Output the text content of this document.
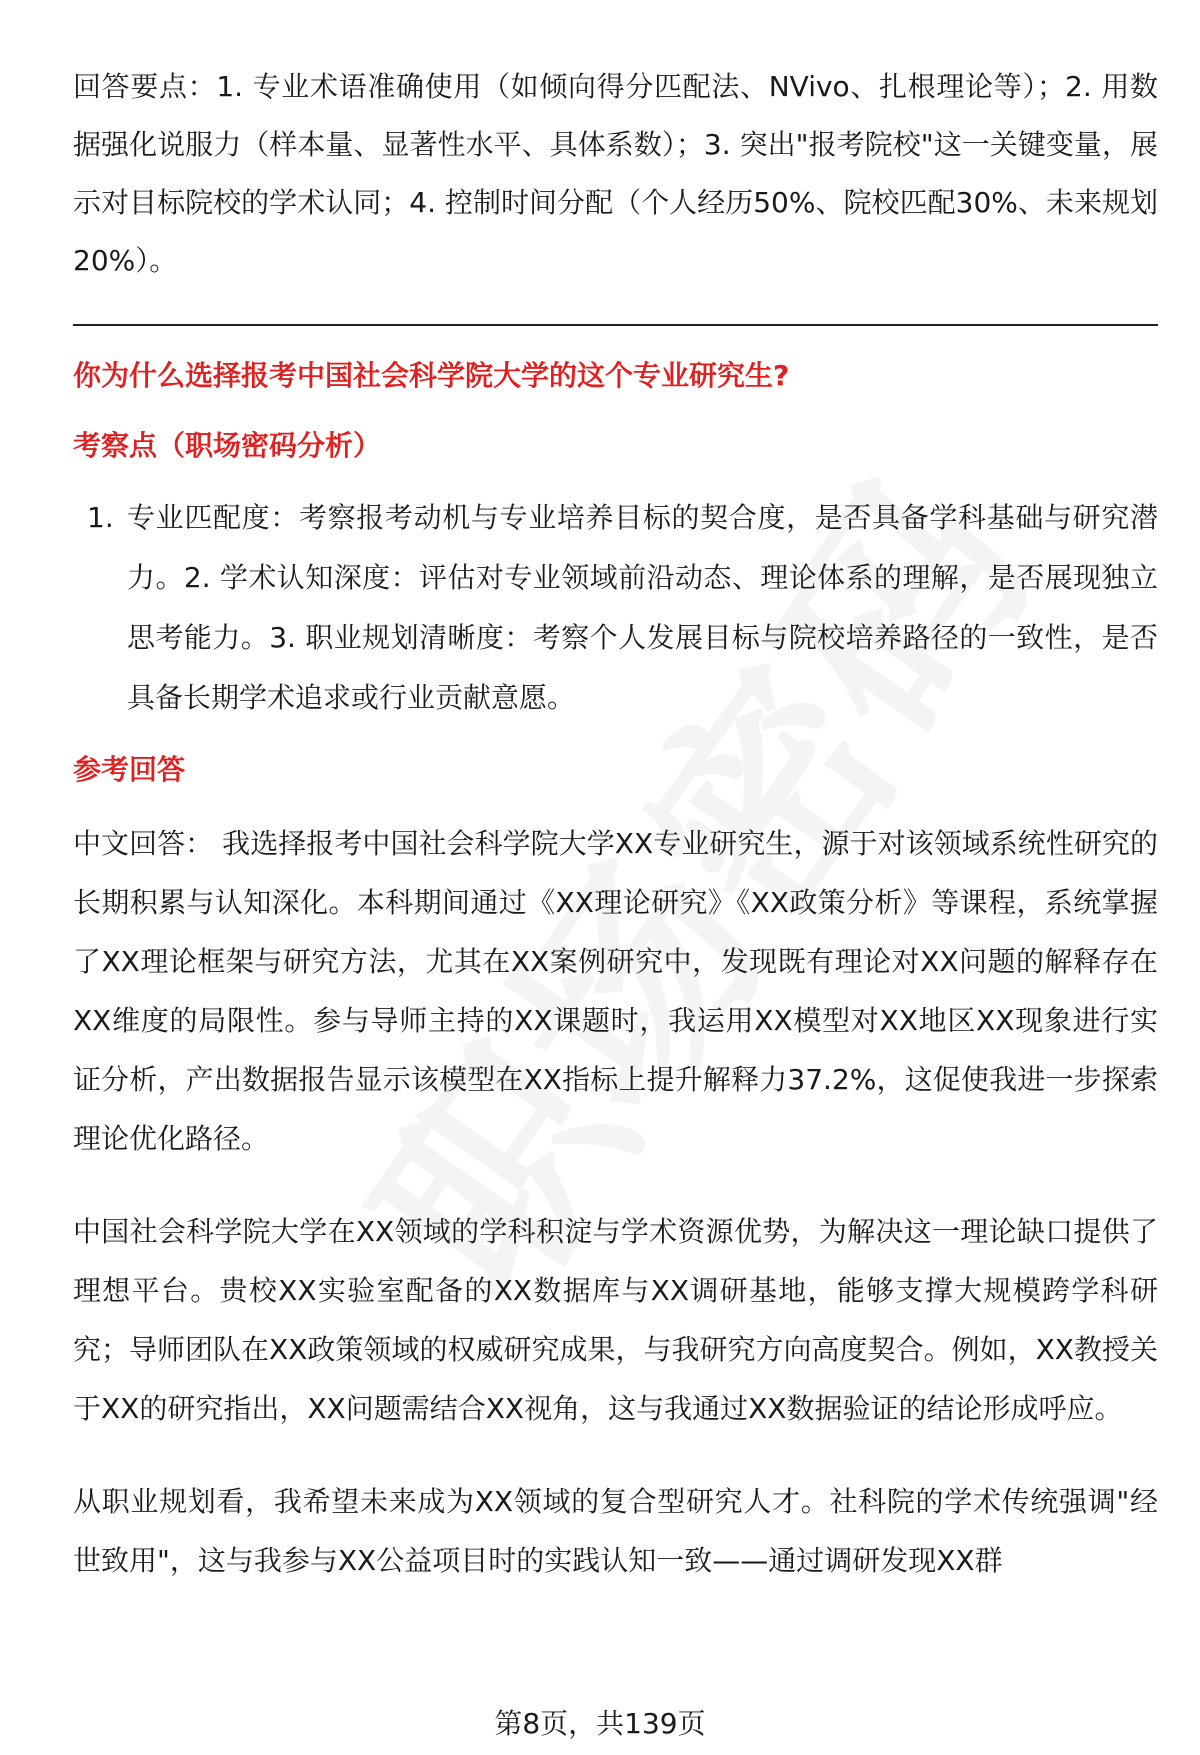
回答要点：1. 专业术语准确使用（如倾向得分匹配法、NVivo、扎根理论等）；2. 用数据强化说服力（样本量、显著性水平、具体系数）；3. 突出"报考院校"这一关键变量，展示对目标院校的学术认同；4. 控制时间分配（个人经历50%、院校匹配30%、未来规划20%）。

你为什么选择报考中国社会科学院大学的这个专业研究生?
考察点（职场密码分析）
1. 专业匹配度：考察报考动机与专业培养目标的契合度，是否具备学科基础与研究潜力。2. 学术认知深度：评估对专业领域前沿动态、理论体系的理解，是否展现独立思考能力。3. 职业规划清晰度：考察个人发展目标与院校培养路径的一致性，是否具备长期学术追求或行业贡献意愿。
参考回答

中文回答： 我选择报考中国社会科学院大学XX专业研究生，源于对该领域系统性研究的长期积累与认知深化。本科期间通过《XX理论研究》《XX政策分析》等课程，系统掌握了XX理论框架与研究方法，尤其在XX案例研究中，发现既有理论对XX问题的解释存在XX维度的局限性。参与导师主持的XX课题时，我运用XX模型对XX地区XX现象进行实证分析，产出数据报告显示该模型在XX指标上提升解释力37.2%，这促使我进一步探索理论优化路径。

中国社会科学院大学在XX领域的学科积淀与学术资源优势，为解决这一理论缺口提供了理想平台。贵校XX实验室配备的XX数据库与XX调研基地，能够支撑大规模跨学科研究；导师团队在XX政策领域的权威研究成果，与我研究方向高度契合。例如，XX教授关于XX的研究指出，XX问题需结合XX视角，这与我通过XX数据验证的结论形成呼应。

从职业规划看，我希望未来成为XX领域的复合型研究人才。社科院的学术传统强调"经世致用"，这与我参与XX公益项目时的实践认知一致——通过调研发现XX群

第8页，共139页
